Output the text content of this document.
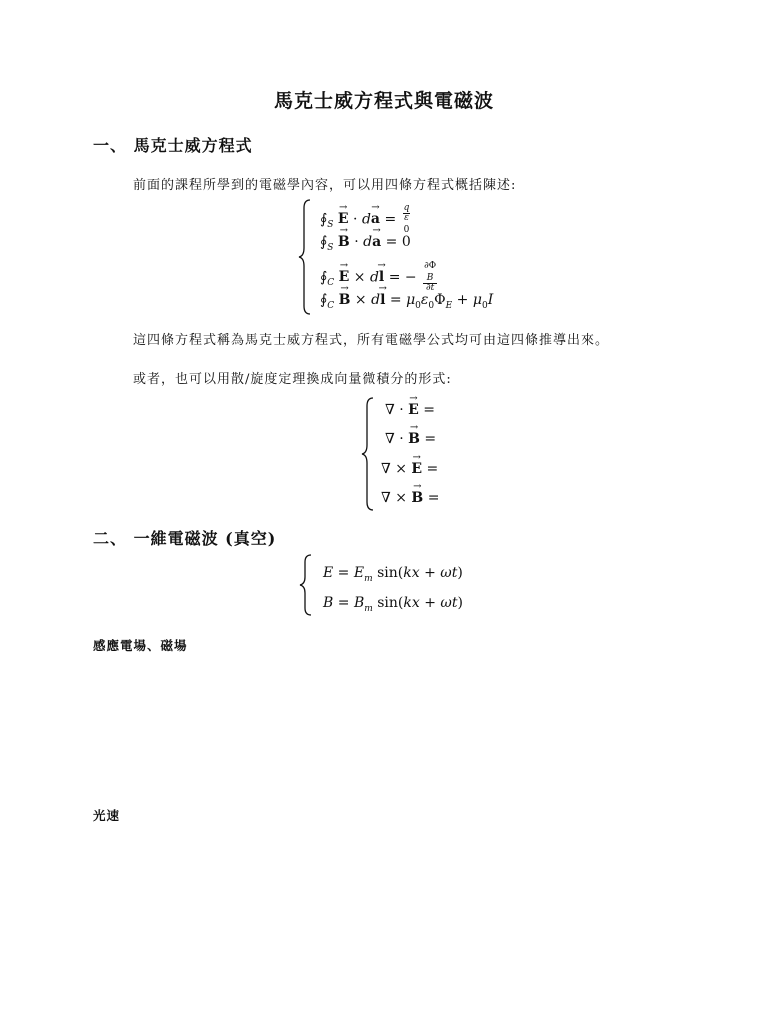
馬克士威方程式與電磁波
一、 馬克士威方程式
前面的課程所學到的電磁學內容，可以用四條方程式概括陳述:
$∮_S \to E \cdot d\to a = q$
ε
$_0$
$∮_S \to B \cdot d\to a = 0$
$∮_C \to E \times d\to l$ = − ∂Φ
$_B$
∂t
$∮_C \to B \times d\to l = \mu_0\varepsilon_0\Phi_E + \mu_0I$
這四條方程式稱為馬克士威方程式，所有電磁學公式均可由這四條推導出來。
或者，也可以用散/旋度定理換成向量微積分的形式:
∇ · → E =
∇ · → B =
∇ × → E =
∇ × → B =
二、 一維電磁波 (真空)
$E = E_m$ sin(kx + ωt)
$B = B_m$ sin(kx + ωt)
感應電場、磁場
光速
